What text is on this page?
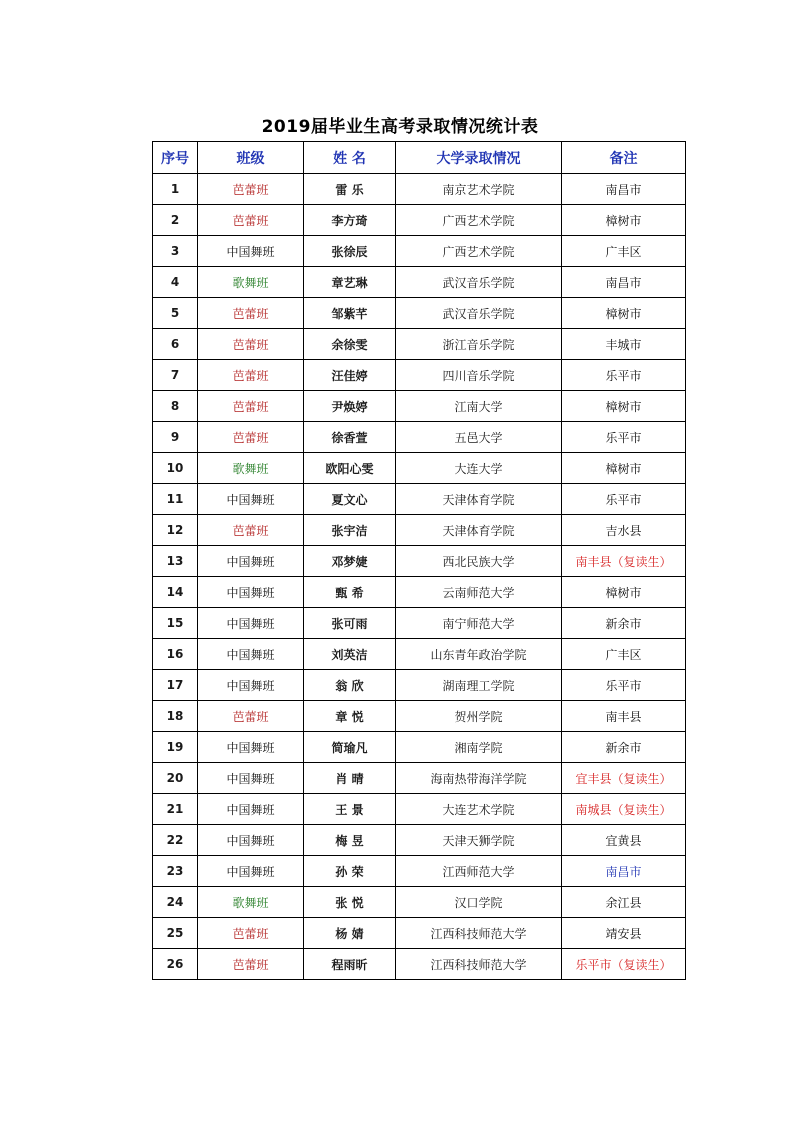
2019届毕业生高考录取情况统计表
序号	班级	姓 名	大学录取情况	备注
1	芭蕾班	雷 乐	南京艺术学院	南昌市
2	芭蕾班	李方琦	广西艺术学院	樟树市
3	中国舞班	张徐辰	广西艺术学院	广丰区
4	歌舞班	章艺琳	武汉音乐学院	南昌市
5	芭蕾班	邹紫芊	武汉音乐学院	樟树市
6	芭蕾班	余徐雯	浙江音乐学院	丰城市
7	芭蕾班	汪佳婷	四川音乐学院	乐平市
8	芭蕾班	尹焕婷	江南大学	樟树市
9	芭蕾班	徐香萱	五邑大学	乐平市
10	歌舞班	欧阳心雯	大连大学	樟树市
11	中国舞班	夏文心	天津体育学院	乐平市
12	芭蕾班	张宇洁	天津体育学院	吉水县
13	中国舞班	邓梦婕	西北民族大学	南丰县（复读生）
14	中国舞班	甄 希	云南师范大学	樟树市
15	中国舞班	张可雨	南宁师范大学	新余市
16	中国舞班	刘英洁	山东青年政治学院	广丰区
17	中国舞班	翁 欣	湖南理工学院	乐平市
18	芭蕾班	章 悦	贺州学院	南丰县
19	中国舞班	简瑜凡	湘南学院	新余市
20	中国舞班	肖 晴	海南热带海洋学院	宜丰县（复读生）
21	中国舞班	王 景	大连艺术学院	南城县（复读生）
22	中国舞班	梅 昱	天津天狮学院	宜黄县
23	中国舞班	孙 荣	江西师范大学	南昌市
24	歌舞班	张 悦	汉口学院	余江县
25	芭蕾班	杨 婧	江西科技师范大学	靖安县
26	芭蕾班	程雨昕	江西科技师范大学	乐平市（复读生）
